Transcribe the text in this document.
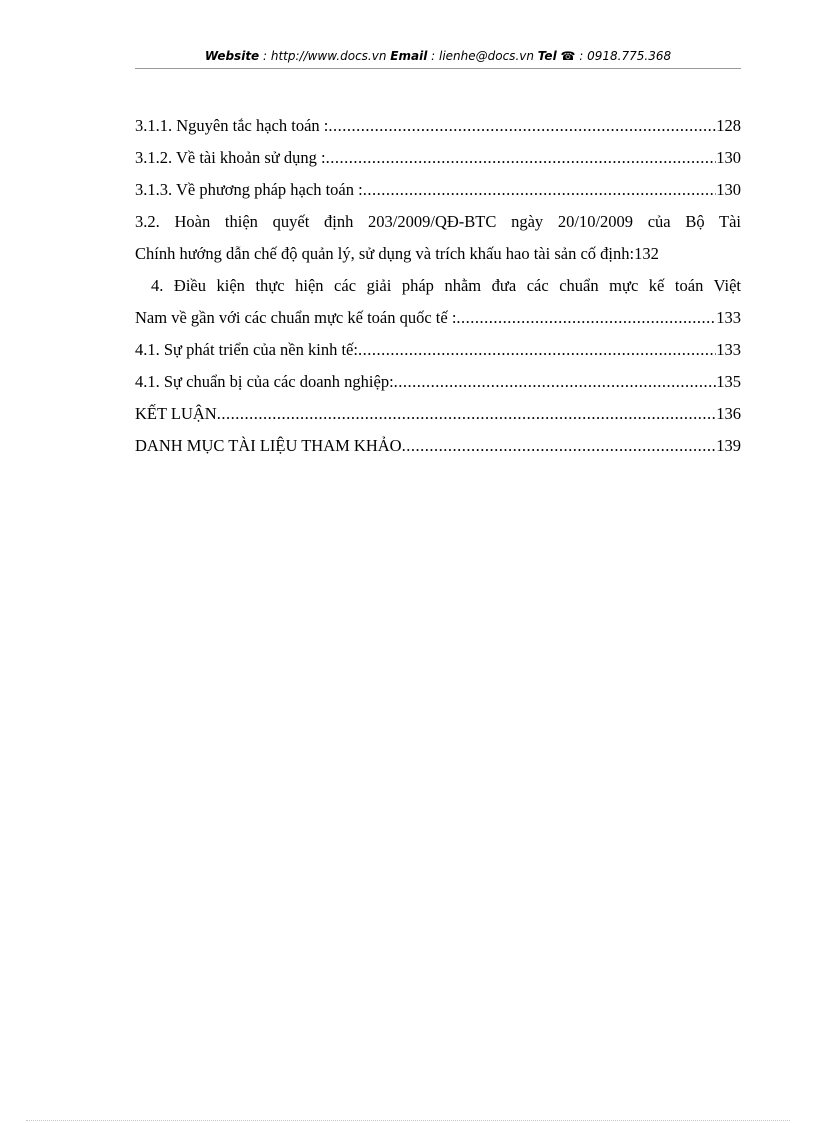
Website : http://www.docs.vn Email : lienhe@docs.vn Tel ☎ : 0918.775.368
3.1.1. Nguyên tắc hạch toán : .....	128
3.1.2. Về tài khoản sử dụng : .....	130
3.1.3. Về phương pháp hạch toán : .....	130
3.2. Hoàn thiện quyết định 203/2009/QĐ-BTC ngày 20/10/2009 của Bộ Tài
Chính hướng dẫn chế độ quản lý, sử dụng và trích khấu hao tài sản cố định: 132
4. Điều kiện thực hiện các giải pháp nhằm đưa các chuẩn mực kế toán Việt
Nam về gần với các chuẩn mực kế toán quốc tế : .....	133
4.1. Sự phát triển của nền kinh tế: .....	133
4.1. Sự chuẩn bị của các doanh nghiệp: .....	135
KẾT LUẬN .....	136
DANH MỤC TÀI LIỆU THAM KHẢO .....	139
